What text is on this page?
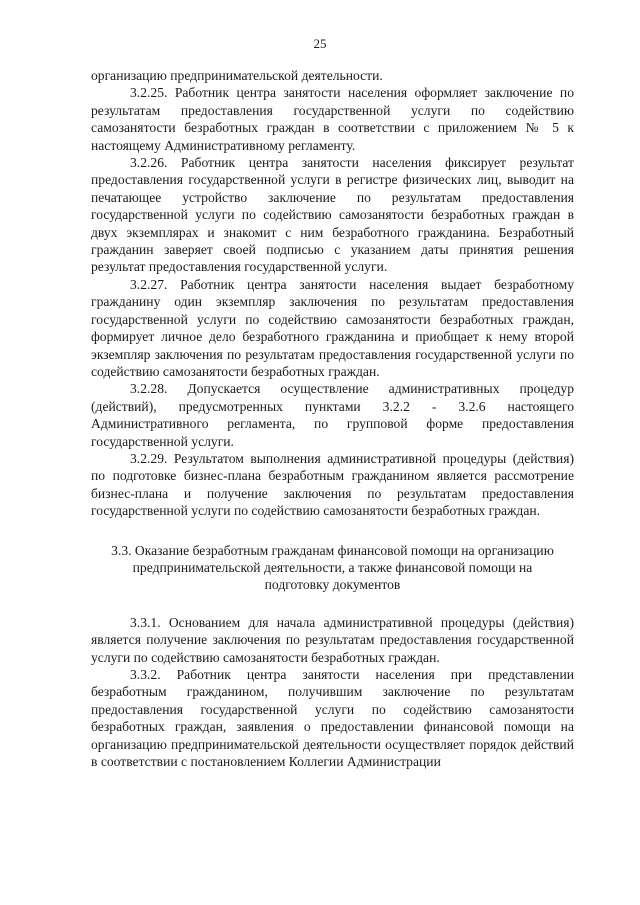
25

организацию предпринимательской деятельности.

3.2.25. Работник центра занятости населения оформляет заключение по результатам предоставления государственной услуги по содействию самозанятости безработных граждан в соответствии с приложением № 5 к настоящему Административному регламенту.

3.2.26. Работник центра занятости населения фиксирует результат предоставления государственной услуги в регистре физических лиц, выводит на печатающее устройство заключение по результатам предоставления государственной услуги по содействию самозанятости безработных граждан в двух экземплярах и знакомит с ним безработного гражданина. Безработный гражданин заверяет своей подписью с указанием даты принятия решения результат предоставления государственной услуги.

3.2.27. Работник центра занятости населения выдает безработному гражданину один экземпляр заключения по результатам предоставления государственной услуги по содействию самозанятости безработных граждан, формирует личное дело безработного гражданина и приобщает к нему второй экземпляр заключения по результатам предоставления государственной услуги по содействию самозанятости безработных граждан.

3.2.28. Допускается осуществление административных процедур (действий), предусмотренных пунктами 3.2.2 - 3.2.6 настоящего Административного регламента, по групповой форме предоставления государственной услуги.

3.2.29. Результатом выполнения административной процедуры (действия) по подготовке бизнес-плана безработным гражданином является рассмотрение бизнес-плана и получение заключения по результатам предоставления государственной услуги по содействию самозанятости безработных граждан.

3.3. Оказание безработным гражданам финансовой помощи на организацию предпринимательской деятельности, а также финансовой помощи на подготовку документов

3.3.1. Основанием для начала административной процедуры (действия) является получение заключения по результатам предоставления государственной услуги по содействию самозанятости безработных граждан.

3.3.2. Работник центра занятости населения при представлении безработным гражданином, получившим заключение по результатам предоставления государственной услуги по содействию самозанятости безработных граждан, заявления о предоставлении финансовой помощи на организацию предпринимательской деятельности осуществляет порядок действий в соответствии с постановлением Коллегии Администрации
